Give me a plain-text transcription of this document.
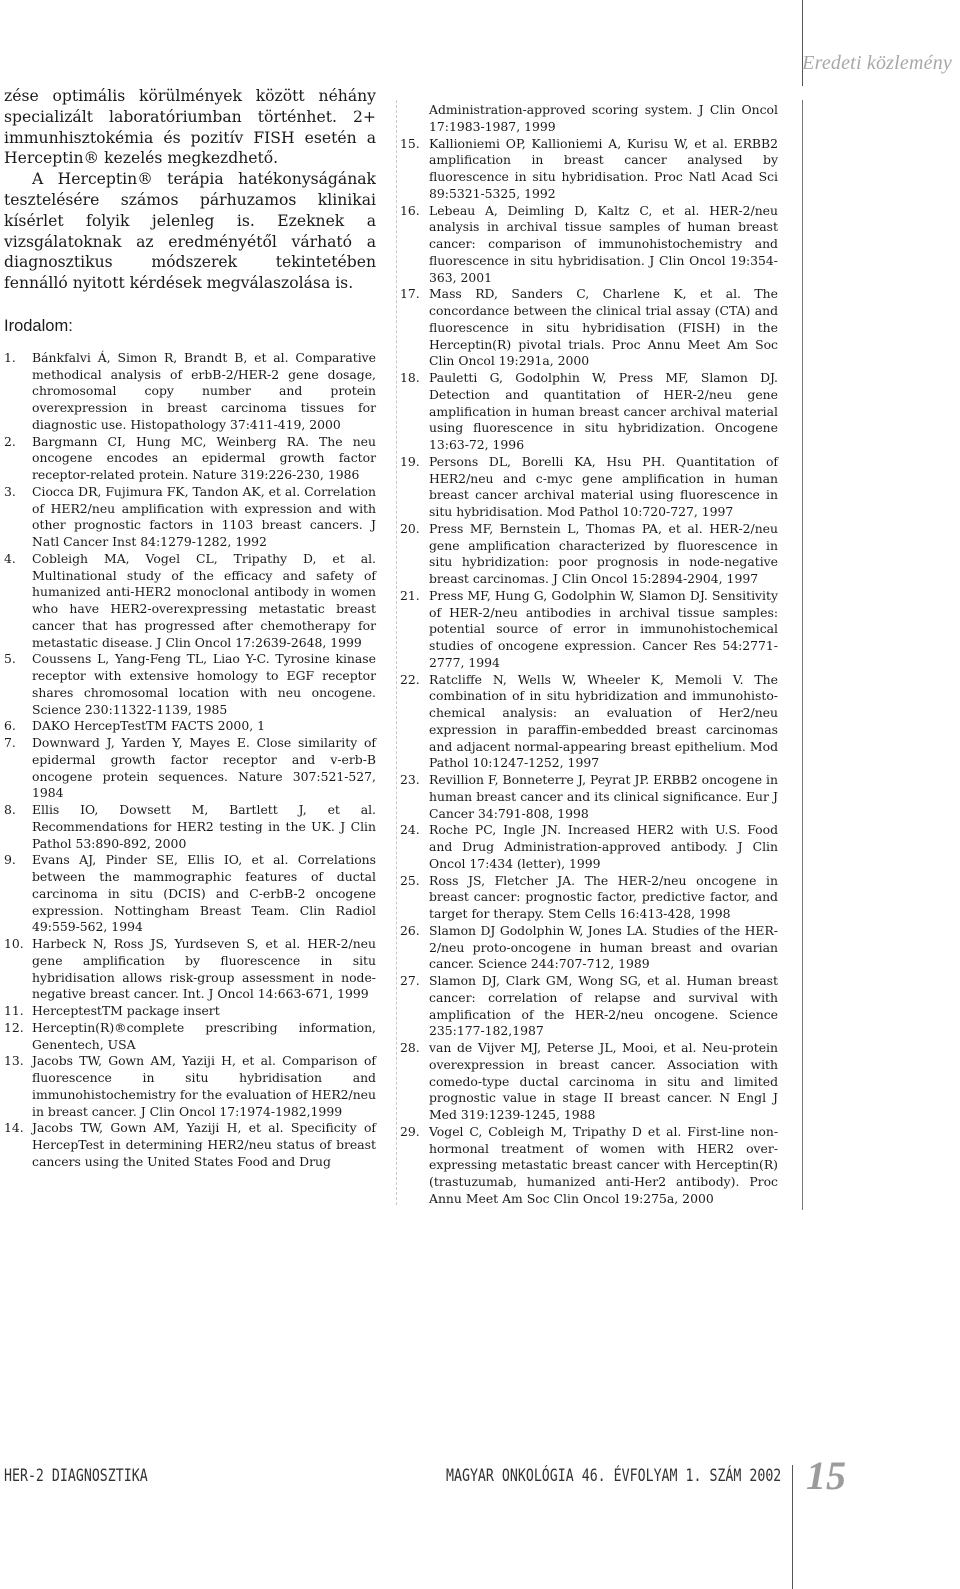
Eredeti közlemény

zése optimális körülmények között néhány specializált laboratóriumban történhet. 2+ immunhisztokémia és pozitív FISH esetén a Herceptin® kezelés megkezdhető.

A Herceptin® terápia hatékonyságának tesztelésére számos párhuzamos klinikai kísérlet folyik jelenleg is. Ezeknek a vizsgálatoknak az eredményétől várható a diagnosztikus módszerek tekintetében fennálló nyitott kérdések megválaszolása is.

Irodalom:
1. Bánkfalvi Á, Simon R, Brandt B, et al. Comparative methodical analysis of erbB-2/HER-2 gene dosage, chromosomal copy number and protein overexpression in breast carcinoma tissues for diagnostic use. Histopathology 37:411-419, 2000
2. Bargmann CI, Hung MC, Weinberg RA. The neu oncogene encodes an epidermal growth factor receptor-related protein. Nature 319:226-230, 1986
3. Ciocca DR, Fujimura FK, Tandon AK, et al. Correlation of HER2/neu amplification with expression and with other prognostic factors in 1103 breast cancers. J Natl Cancer Inst 84:1279-1282, 1992
4. Cobleigh MA, Vogel CL, Tripathy D, et al. Multinational study of the efficacy and safety of humanized anti-HER2 monoclonal antibody in women who have HER2-overexpressing metastatic breast cancer that has progressed after chemotherapy for metastatic disease. J Clin Oncol 17:2639-2648, 1999
5. Coussens L, Yang-Feng TL, Liao Y-C. Tyrosine kinase receptor with extensive homology to EGF receptor shares chromosomal location with neu oncogene. Science 230:11322-1139, 1985
6. DAKO HercepTestTM FACTS 2000, 1
7. Downward J, Yarden Y, Mayes E. Close similarity of epidermal growth factor receptor and v-erb-B oncogene protein sequences. Nature 307:521-527, 1984
8. Ellis IO, Dowsett M, Bartlett J, et al. Recommendations for HER2 testing in the UK. J Clin Pathol 53:890-892, 2000
9. Evans AJ, Pinder SE, Ellis IO, et al. Correlations between the mammographic features of ductal carcinoma in situ (DCIS) and C-erbB-2 oncogene expression. Nottingham Breast Team. Clin Radiol 49:559-562, 1994
10. Harbeck N, Ross JS, Yurdseven S, et al. HER-2/neu gene amplification by fluorescence in situ hybridisation allows risk-group assessment in node-negative breast cancer. Int. J Oncol 14:663-671, 1999
11. HerceptestTM package insert
12. Herceptin(R)®complete prescribing information, Genentech, USA
13. Jacobs TW, Gown AM, Yaziji H, et al. Comparison of fluorescence in situ hybridisation and immunohistochemistry for the evaluation of HER2/neu in breast cancer. J Clin Oncol 17:1974-1982,1999
14. Jacobs TW, Gown AM, Yaziji H, et al. Specificity of HercepTest in determining HER2/neu status of breast cancers using the United States Food and Drug
Administration-approved scoring system. J Clin Oncol 17:1983-1987, 1999
15. Kallioniemi OP, Kallioniemi A, Kurisu W, et al. ERBB2 amplification in breast cancer analysed by fluorescence in situ hybridisation. Proc Natl Acad Sci 89:5321-5325, 1992
16. Lebeau A, Deimling D, Kaltz C, et al. HER-2/neu analysis in archival tissue samples of human breast cancer: comparison of immunohistochemistry and fluorescence in situ hybridisation. J Clin Oncol 19:354-363, 2001
17. Mass RD, Sanders C, Charlene K, et al. The concordance between the clinical trial assay (CTA) and fluorescence in situ hybridisation (FISH) in the Herceptin(R) pivotal trials. Proc Annu Meet Am Soc Clin Oncol 19:291a, 2000
18. Pauletti G, Godolphin W, Press MF, Slamon DJ. Detection and quantitation of HER-2/neu gene amplification in human breast cancer archival material using fluorescence in situ hybridization. Oncogene 13:63-72, 1996
19. Persons DL, Borelli KA, Hsu PH. Quantitation of HER2/neu and c-myc gene amplification in human breast cancer archival material using fluorescence in situ hybridisation. Mod Pathol 10:720-727, 1997
20. Press MF, Bernstein L, Thomas PA, et al. HER-2/neu gene amplification characterized by fluorescence in situ hybridization: poor prognosis in node-negative breast carcinomas. J Clin Oncol 15:2894-2904, 1997
21. Press MF, Hung G, Godolphin W, Slamon DJ. Sensitivity of HER-2/neu antibodies in archival tissue samples: potential source of error in immunohistochemical studies of oncogene expression. Cancer Res 54:2771-2777, 1994
22. Ratcliffe N, Wells W, Wheeler K, Memoli V. The combination of in situ hybridization and immunohisto-chemical analysis: an evaluation of Her2/neu expression in paraffin-embedded breast carcinomas and adjacent normal-appearing breast epithelium. Mod Pathol 10:1247-1252, 1997
23. Revillion F, Bonneterre J, Peyrat JP. ERBB2 oncogene in human breast cancer and its clinical significance. Eur J Cancer 34:791-808, 1998
24. Roche PC, Ingle JN. Increased HER2 with U.S. Food and Drug Administration-approved antibody. J Clin Oncol 17:434 (letter), 1999
25. Ross JS, Fletcher JA. The HER-2/neu oncogene in breast cancer: prognostic factor, predictive factor, and target for therapy. Stem Cells 16:413-428, 1998
26. Slamon DJ Godolphin W, Jones LA. Studies of the HER-2/neu proto-oncogene in human breast and ovarian cancer. Science 244:707-712, 1989
27. Slamon DJ, Clark GM, Wong SG, et al. Human breast cancer: correlation of relapse and survival with amplification of the HER-2/neu oncogene. Science 235:177-182,1987
28. van de Vijver MJ, Peterse JL, Mooi, et al. Neu-protein overexpression in breast cancer. Association with comedo-type ductal carcinoma in situ and limited prognostic value in stage II breast cancer. N Engl J Med 319:1239-1245, 1988
29. Vogel C, Cobleigh M, Tripathy D et al. First-line non-hormonal treatment of women with HER2 over-expressing metastatic breast cancer with Herceptin(R) (trastuzumab, humanized anti-Her2 antibody). Proc Annu Meet Am Soc Clin Oncol 19:275a, 2000
HER-2 DIAGNOSZTIKA	MAGYAR ONKOLÓGIA 46. ÉVFOLYAM 1. SZÁM 2002 15
